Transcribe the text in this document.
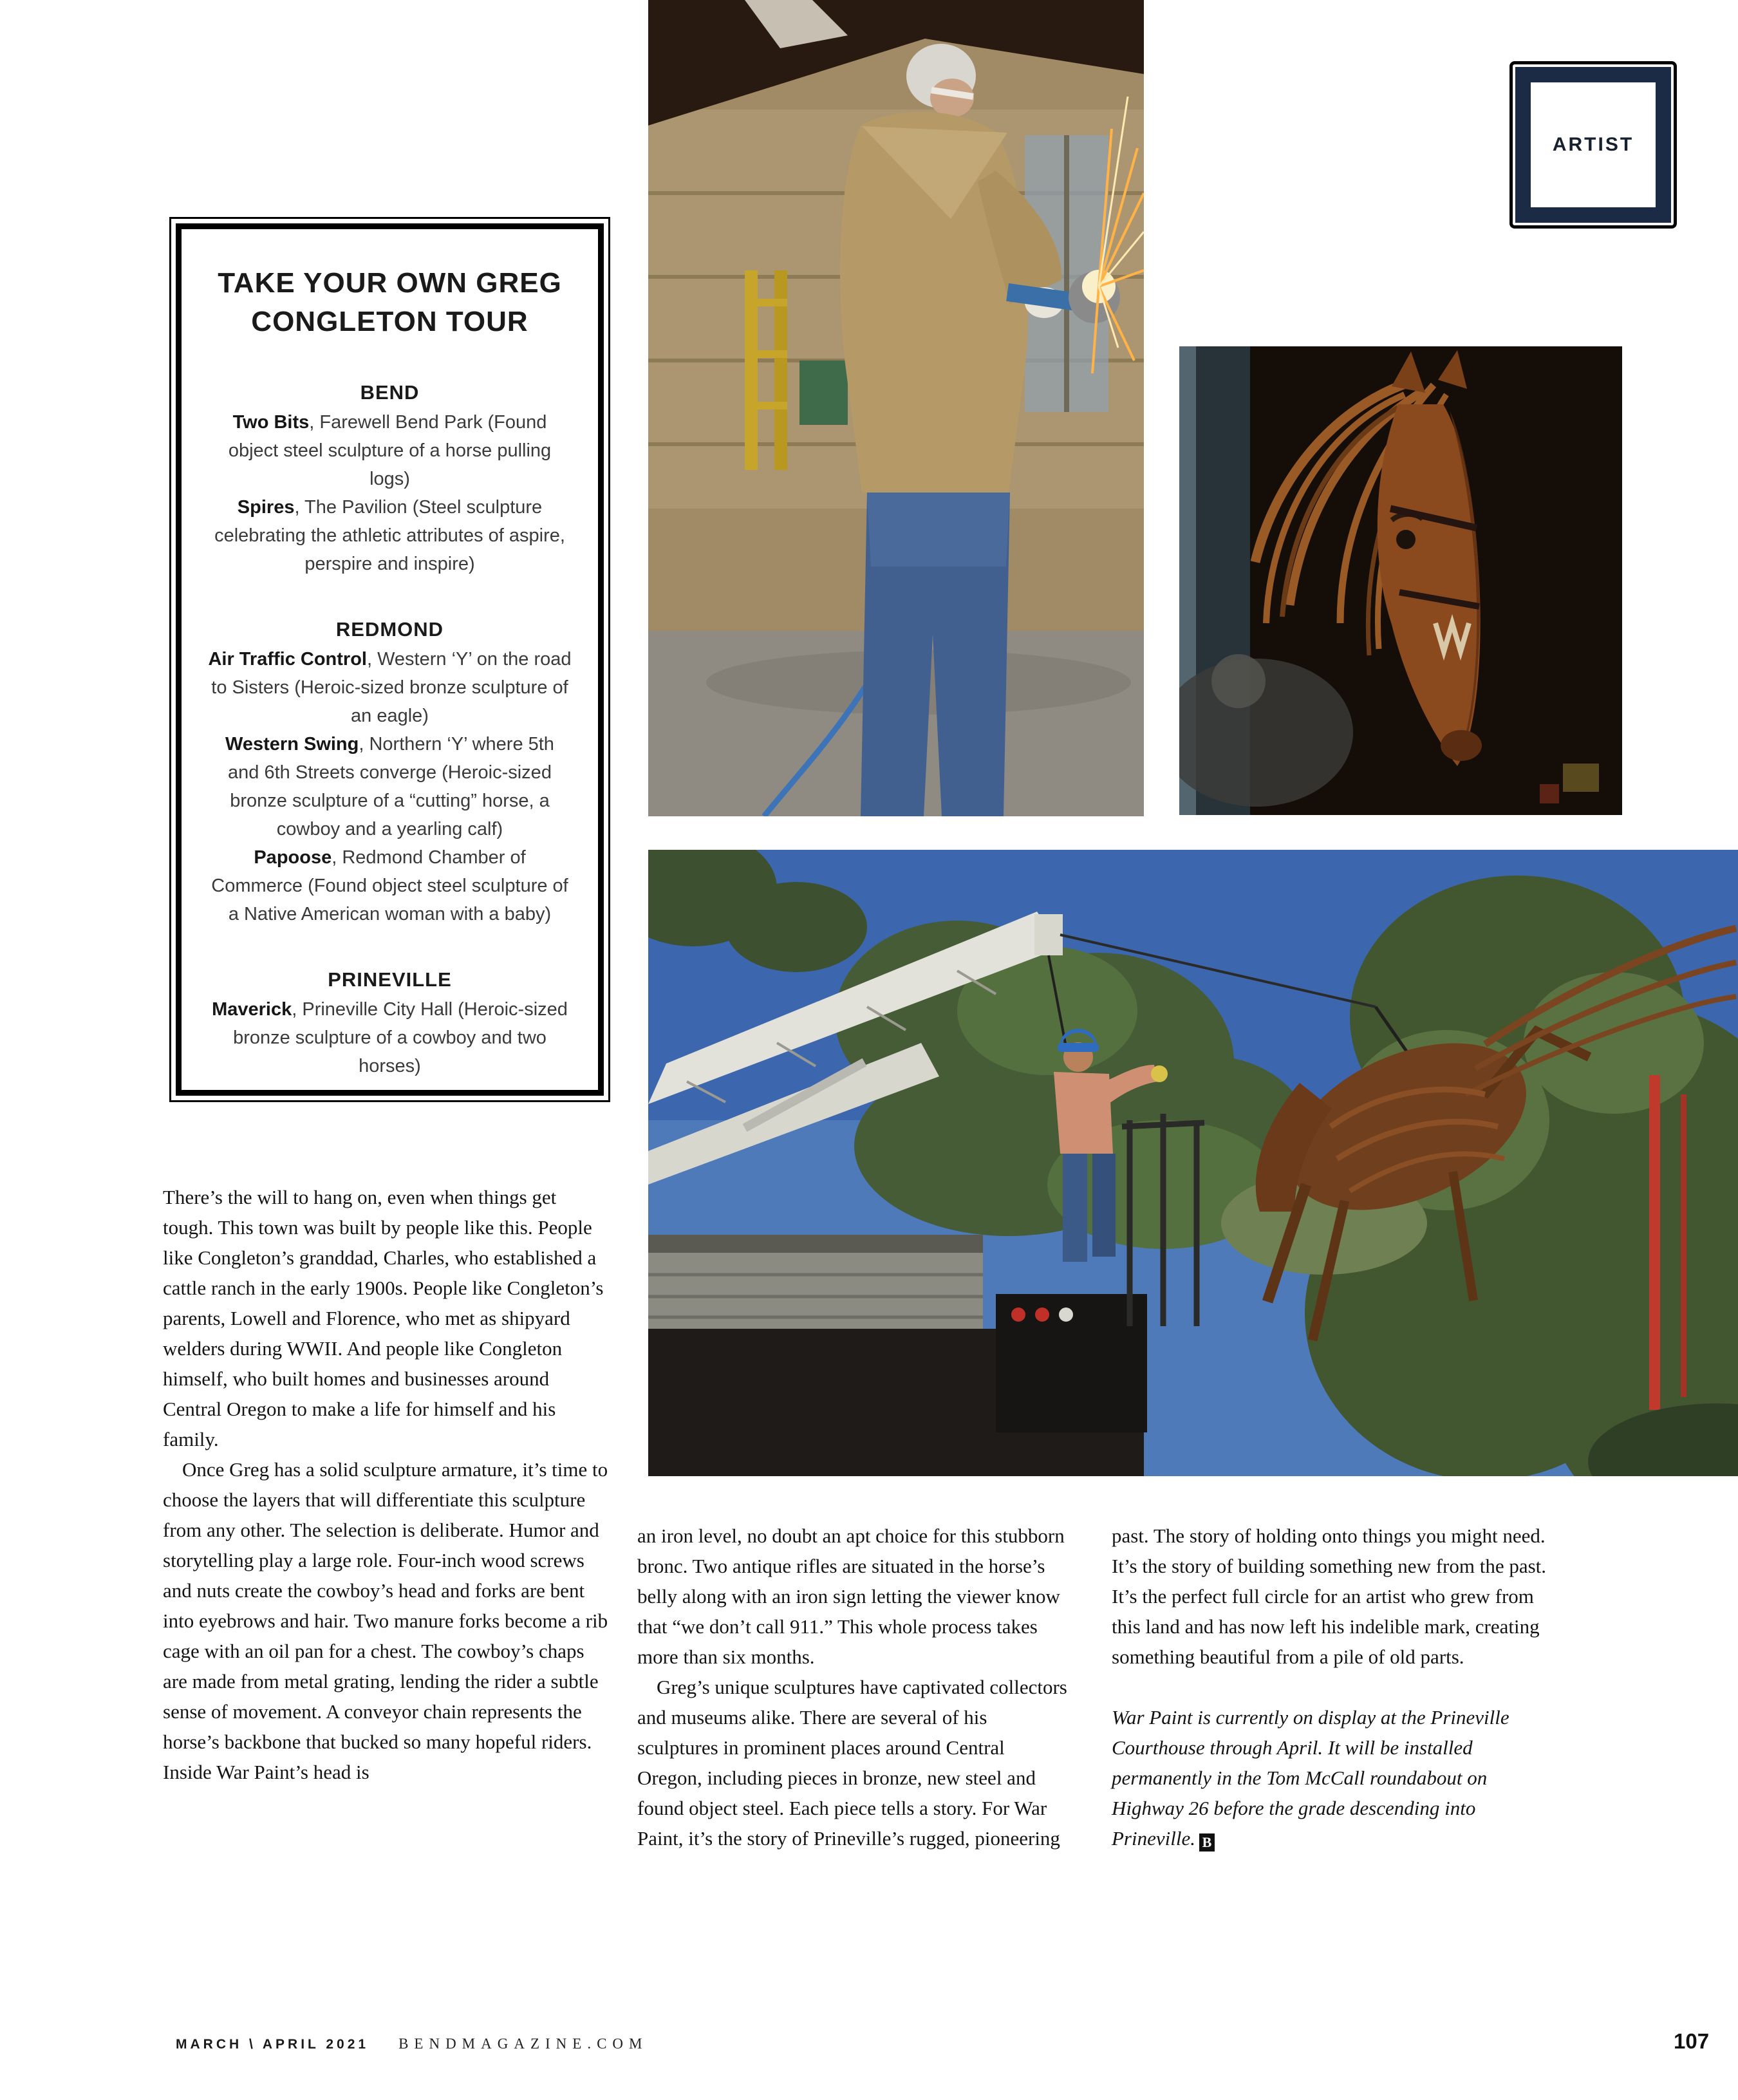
ARTIST
TAKE YOUR OWN GREG CONGLETON TOUR

BEND

Two Bits, Farewell Bend Park (Found object steel sculpture of a horse pulling logs)

Spires, The Pavilion (Steel sculpture celebrating the athletic attributes of aspire, perspire and inspire)

REDMOND

Air Traffic Control, Western ‘Y’ on the road to Sisters (Heroic-sized bronze sculpture of an eagle)

Western Swing, Northern ‘Y’ where 5th and 6th Streets converge (Heroic-sized bronze sculpture of a “cutting” horse, a cowboy and a yearling calf)

Papoose, Redmond Chamber of Commerce (Found object steel sculpture of a Native American woman with a baby)

PRINEVILLE

Maverick, Prineville City Hall (Heroic-sized bronze sculpture of a cowboy and two horses)

There’s the will to hang on, even when things get tough. This town was built by people like this. People like Congleton’s granddad, Charles, who established a cattle ranch in the early 1900s. People like Congleton’s parents, Lowell and Florence, who met as shipyard welders during WWII. And people like Congleton himself, who built homes and businesses around Central Oregon to make a life for himself and his family.

Once Greg has a solid sculpture armature, it’s time to choose the layers that will differentiate this sculpture from any other. The selection is deliberate. Humor and storytelling play a large role. Four-inch wood screws and nuts create the cowboy’s head and forks are bent into eyebrows and hair. Two manure forks become a rib cage with an oil pan for a chest. The cowboy’s chaps are made from metal grating, lending the rider a subtle sense of movement. A conveyor chain represents the horse’s backbone that bucked so many hopeful riders. Inside War Paint’s head is

an iron level, no doubt an apt choice for this stubborn bronc. Two antique rifles are situated in the horse’s belly along with an iron sign letting the viewer know that “we don’t call 911.” This whole process takes more than six months.

Greg’s unique sculptures have captivated collectors and museums alike. There are several of his sculptures in prominent places around Central Oregon, including pieces in bronze, new steel and found object steel. Each piece tells a story. For War Paint, it’s the story of Prineville’s rugged, pioneering

past. The story of holding onto things you might need. It’s the story of building something new from the past. It’s the perfect full circle for an artist who grew from this land and has now left his indelible mark, creating something beautiful from a pile of old parts.

War Paint is currently on display at the Prineville Courthouse through April. It will be installed permanently in the Tom McCall roundabout on Highway 26 before the grade descending into Prineville. B

MARCH \ APRIL 2021 BENDMAGAZINE.COM	107
